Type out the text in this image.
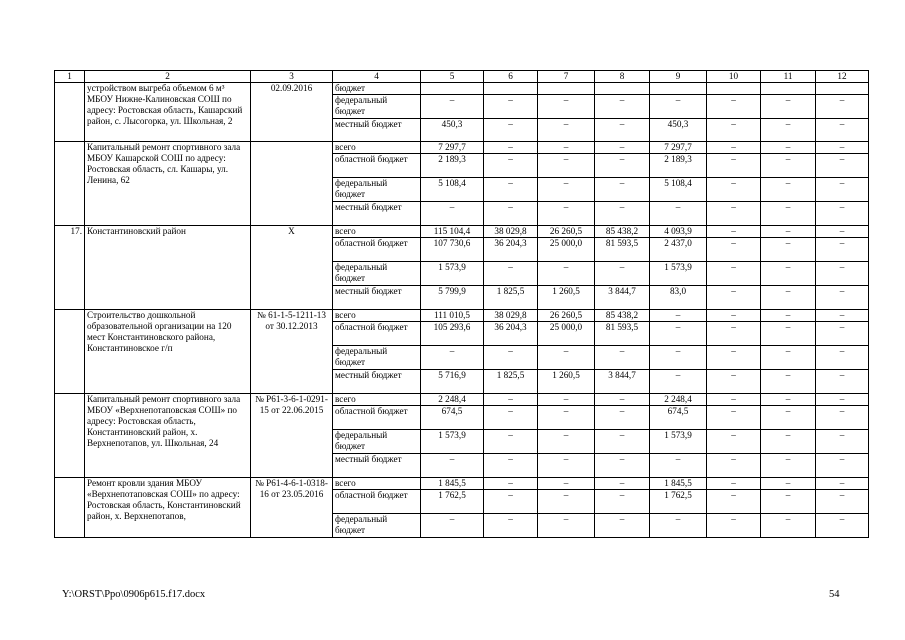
1	2	3	4	5	6	7	8	9	10	11	12
	устройством выгреба объемом 6 м³ МБОУ Нижне-Калиновская СОШ по адресу: Ростовская область, Кашарский район, с. Лысогорка, ул. Школьная, 2	02.09.2016	бюджет								
			федеральный бюджет	–	–	–	–	–	–	–	–
			местный бюджет	450,3	–	–	–	450,3	–	–	–
	Капитальный ремонт спортивного зала МБОУ Кашарской СОШ по адресу: Ростовская область, сл. Кашары, ул. Ленина, 62		всего	7 297,7	–	–	–	7 297,7	–	–	–
			областной бюджет	2 189,3	–	–	–	2 189,3	–	–	–
			федеральный бюджет	5 108,4	–	–	–	5 108,4	–	–	–
			местный бюджет	–	–	–	–	–	–	–	–
17.	Константиновский район	Х	всего	115 104,4	38 029,8	26 260,5	85 438,2	4 093,9	–	–	–
			областной бюджет	107 730,6	36 204,3	25 000,0	81 593,5	2 437,0	–	–	–
			федеральный бюджет	1 573,9	–	–	–	1 573,9	–	–	–
			местный бюджет	5 799,9	1 825,5	1 260,5	3 844,7	83,0	–	–	–
	Строительство дошкольной образовательной организации на 120 мест Константиновского района, Константиновское г/п	№ 61-1-5-1211-13 от 30.12.2013	всего	111 010,5	38 029,8	26 260,5	85 438,2	–	–	–	–
			областной бюджет	105 293,6	36 204,3	25 000,0	81 593,5	–	–	–	–
			федеральный бюджет	–	–	–	–	–	–	–	–
			местный бюджет	5 716,9	1 825,5	1 260,5	3 844,7	–	–	–	–
	Капитальный ремонт спортивного зала МБОУ «Верхнепотаповская СОШ» по адресу: Ростовская область, Константиновский район, х. Верхнепотапов, ул. Школьная, 24	№ Р61-3-6-1-0291-15 от 22.06.2015	всего	2 248,4	–	–	–	2 248,4	–	–	–
			областной бюджет	674,5	–	–	–	674,5	–	–	–
			федеральный бюджет	1 573,9	–	–	–	1 573,9	–	–	–
			местный бюджет	–	–	–	–	–	–	–	–
	Ремонт кровли здания МБОУ «Верхнепотаповская СОШ» по адресу: Ростовская область, Константиновский район, х. Верхнепотапов,	№ Р61-4-6-1-0318-16 от 23.05.2016	всего	1 845,5	–	–	–	1 845,5	–	–	–
			областной бюджет	1 762,5	–	–	–	1 762,5	–	–	–
			федеральный бюджет	–	–	–	–	–	–	–	–
Y:\ORST\Ppo\0906p615.f17.docx	54
